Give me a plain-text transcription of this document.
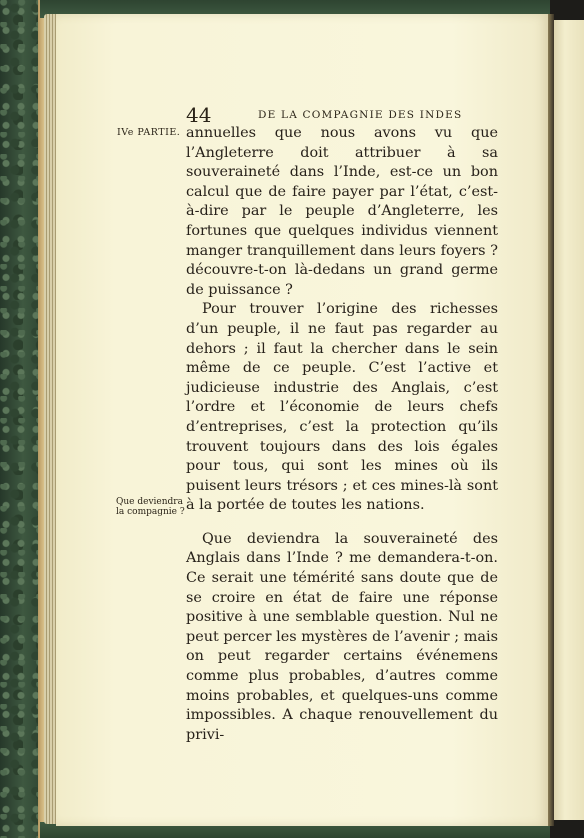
44	DE LA COMPAGNIE DES INDES
IVe PARTIE.
Que deviendra
la compagnie ?

annuelles que nous avons vu que l’Angleterre doit attribuer à sa souveraineté dans l’Inde, est-ce un bon calcul que de faire payer par l’état, c’est-à-dire par le peuple d’Angleterre, les fortunes que quelques individus viennent manger tranquillement dans leurs foyers ? découvre-t-on là-dedans un grand germe de puissance ?

Pour trouver l’origine des richesses d’un peuple, il ne faut pas regarder au dehors ; il faut la chercher dans le sein même de ce peuple. C’est l’active et judicieuse industrie des Anglais, c’est l’ordre et l’économie de leurs chefs d’entreprises, c’est la protection qu’ils trouvent toujours dans des lois égales pour tous, qui sont les mines où ils puisent leurs trésors ; et ces mines-là sont à la portée de toutes les nations.

Que deviendra la souveraineté des Anglais dans l’Inde ? me demandera-t-on. Ce serait une témérité sans doute que de se croire en état de faire une réponse positive à une semblable question. Nul ne peut percer les mystères de l’avenir ; mais on peut regarder certains événemens comme plus probables, d’autres comme moins probables, et quelques-uns comme impossibles. A chaque renouvellement du privi-
